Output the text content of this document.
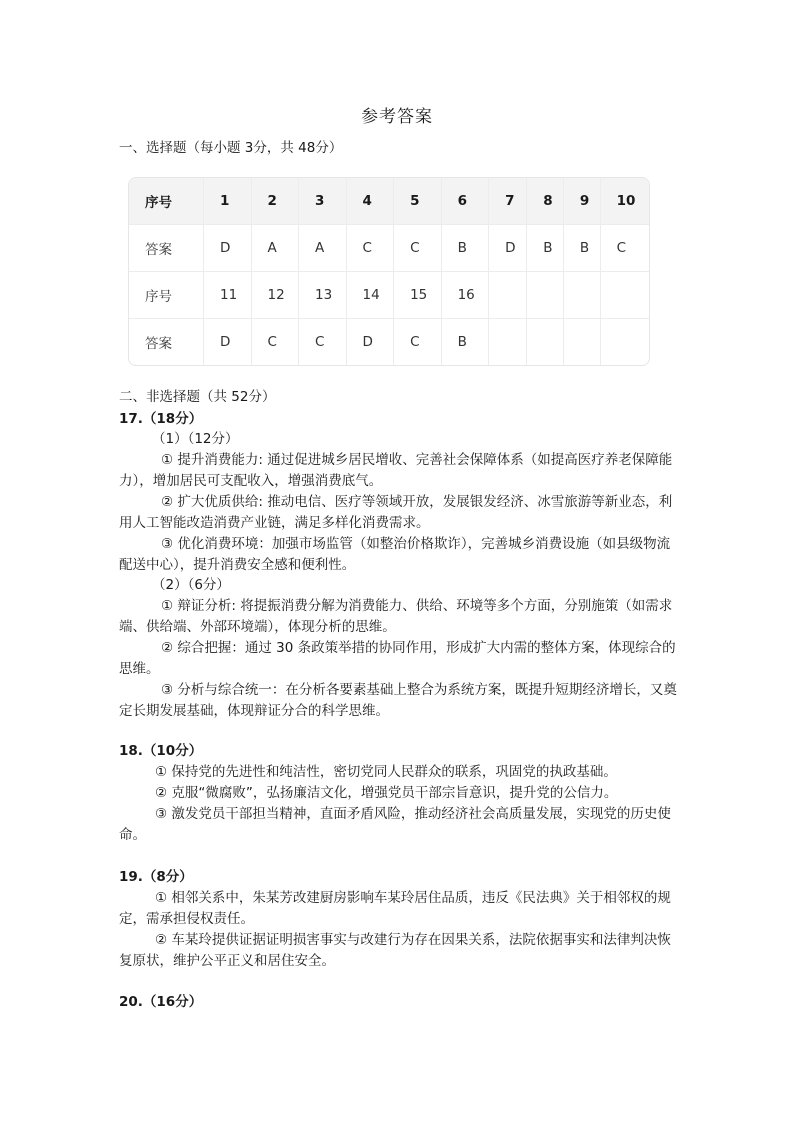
参考答案
一、选择题（每小题 3分，共 48分）
序号	1	2	3	4	5	6	7	8	9	10
答案	D	A	A	C	C	B	D	B	B	C
序号	11	12	13	14	15	16				
答案	D	C	C	D	C	B				
二、非选择题（共 52分）
17.（18分）
（1）（12分）
① 提升消费能力: 通过促进城乡居民增收、完善社会保障体系（如提高医疗养老保障能力），增加居民可支配收入，增强消费底气。
② 扩大优质供给: 推动电信、医疗等领域开放，发展银发经济、冰雪旅游等新业态，利用人工智能改造消费产业链，满足多样化消费需求。
③ 优化消费环境：加强市场监管（如整治价格欺诈），完善城乡消费设施（如县级物流配送中心），提升消费安全感和便利性。
（2）（6分）
① 辩证分析: 将提振消费分解为消费能力、供给、环境等多个方面，分别施策（如需求端、供给端、外部环境端），体现分析的思维。
② 综合把握：通过 30 条政策举措的协同作用，形成扩大内需的整体方案，体现综合的思维。
③ 分析与综合统一：在分析各要素基础上整合为系统方案，既提升短期经济增长，又奠定长期发展基础，体现辩证分合的科学思维。
18.（10分）
① 保持党的先进性和纯洁性，密切党同人民群众的联系，巩固党的执政基础。
② 克服“微腐败”，弘扬廉洁文化，增强党员干部宗旨意识，提升党的公信力。
③ 激发党员干部担当精神，直面矛盾风险，推动经济社会高质量发展，实现党的历史使命。
19.（8分）
① 相邻关系中，朱某芳改建厨房影响车某玲居住品质，违反《民法典》关于相邻权的规定，需承担侵权责任。
② 车某玲提供证据证明损害事实与改建行为存在因果关系，法院依据事实和法律判决恢复原状，维护公平正义和居住安全。
20.（16分）
